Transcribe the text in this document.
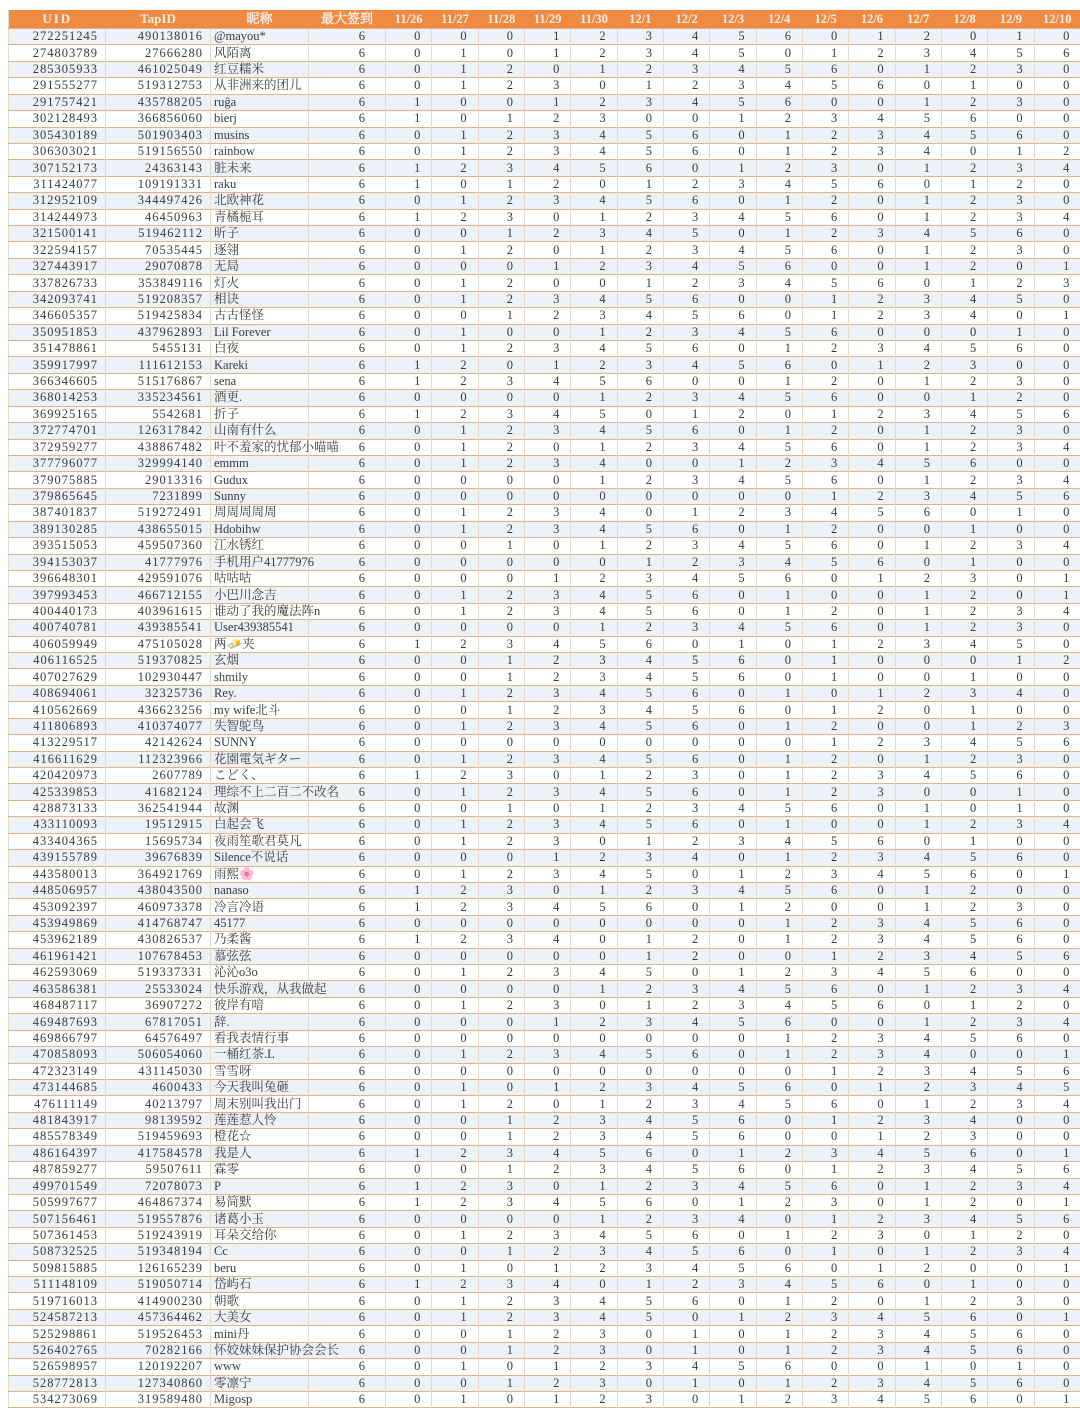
UID	TapID	昵称	最大签到	11/26	11/27	11/28	11/29	11/30	12/1	12/2	12/3	12/4	12/5	12/6	12/7	12/8	12/9	12/10
272251245	490138016	@mayou*	6	0	0	0	1	2	3	4	5	6	0	1	2	0	1	0
274803789	27666280	风陌离	6	0	1	0	1	2	3	4	5	0	1	2	3	4	5	6
285305933	461025049	红豆糯米	6	0	1	2	0	1	2	3	4	5	6	0	1	2	3	0
291555277	519312753	从非洲来的团儿	6	0	1	2	3	0	1	2	3	4	5	6	0	1	0	0
291757421	435788205	ruĝa	6	1	0	0	1	2	3	4	5	6	0	0	1	2	3	0
302128493	366856060	bierj	6	1	0	1	2	3	0	0	1	2	3	4	5	6	0	0
305430189	501903403	musins	6	0	1	2	3	4	5	6	0	1	2	3	4	5	6	0
306303021	519156550	rainbow	6	0	1	2	3	4	5	6	0	1	2	3	4	0	1	2
307152173	24363143	脏未来	6	1	2	3	4	5	6	0	1	2	3	0	1	2	3	4
311424077	109191331	raku	6	1	0	1	2	0	1	2	3	4	5	6	0	1	2	0
312952109	344497426	北欧神花	6	0	1	2	3	4	5	6	0	1	2	0	1	2	3	0
314244973	46450963	青橘栀耳	6	1	2	3	0	1	2	3	4	5	6	0	1	2	3	4
321500141	519462112	昕子	6	0	0	1	2	3	4	5	0	1	2	3	4	5	6	0
322594157	70535445	逐翎	6	0	1	2	0	1	2	3	4	5	6	0	1	2	3	0
327443917	29070878	无局	6	0	0	0	1	2	3	4	5	6	0	0	1	2	0	1
337826733	353849116	灯火	6	0	1	2	0	0	1	2	3	4	5	6	0	1	2	3
342093741	519208357	相诀	6	0	1	2	3	4	5	6	0	0	1	2	3	4	5	0
346605357	519425834	古古怪怪	6	0	0	1	2	3	4	5	6	0	1	2	3	4	0	1
350951853	437962893	Lil Forever	6	0	1	0	0	1	2	3	4	5	6	0	0	0	1	0
351478861	5455131	白夜	6	0	1	2	3	4	5	6	0	1	2	3	4	5	6	0
359917997	111612153	Kareki	6	1	2	0	1	2	3	4	5	6	0	1	2	3	0	0
366346605	515176867	sena	6	1	2	3	4	5	6	0	0	1	2	0	1	2	3	0
368014253	335234561	酒更.	6	0	0	0	0	1	2	3	4	5	6	0	0	1	2	0
369925165	5542681	折子	6	1	2	3	4	5	0	1	2	0	1	2	3	4	5	6
372774701	126317842	山南有什么	6	0	1	2	3	4	5	6	0	1	2	0	1	2	3	0
372959277	438867482	叶不羞家的忧郁小喵喵	6	0	1	2	0	1	2	3	4	5	6	0	1	2	3	4
377796077	329994140	emmm	6	0	1	2	3	4	0	0	1	2	3	4	5	6	0	0
379075885	29013316	Gudux	6	0	0	0	0	1	2	3	4	5	6	0	1	2	3	4
379865645	7231899	Sunny	6	0	0	0	0	0	0	0	0	0	1	2	3	4	5	6
387401837	519272491	周周周周周	6	0	1	2	3	4	0	1	2	3	4	5	6	0	1	0
389130285	438655015	Hdobihw	6	0	1	2	3	4	5	6	0	1	2	0	0	1	0	0
393515053	459507360	江水锈红	6	0	0	1	0	1	2	3	4	5	6	0	1	2	3	4
394153037	41777976	手机用户41777976	6	0	0	0	0	0	1	2	3	4	5	6	0	1	0	0
396648301	429591076	咕咕咕	6	0	0	0	1	2	3	4	5	6	0	1	2	3	0	1
397993453	466712155	小巴川念吉	6	0	1	2	3	4	5	6	0	1	0	0	1	2	0	1
400440173	403961615	谁动了我的魔法阵n	6	0	1	2	3	4	5	6	0	1	2	0	1	2	3	4
400740781	439385541	User439385541	6	0	0	0	0	1	2	3	4	5	6	0	1	2	3	0
406059949	475105028	两🧈夹	6	1	2	3	4	5	6	0	1	0	1	2	3	4	5	0
406116525	519370825	玄烟	6	0	0	1	2	3	4	5	6	0	1	0	0	0	1	2
407027629	102930447	shmily	6	0	0	1	2	3	4	5	6	0	1	0	0	1	0	0
408694061	32325736	Rey.	6	0	1	2	3	4	5	6	0	1	0	1	2	3	4	0
410562669	436623256	my wife北斗	6	0	0	1	2	3	4	5	6	0	1	2	0	1	0	0
411806893	410374077	失智鸵鸟	6	0	1	2	3	4	5	6	0	1	2	0	0	1	2	3
413229517	42142624	SUNNY	6	0	0	0	0	0	0	0	0	0	1	2	3	4	5	6
416611629	112323966	花園電気ギター	6	0	1	2	3	4	5	6	0	1	2	0	1	2	3	0
420420973	2607789	こどく、	6	1	2	3	0	1	2	3	0	1	2	3	4	5	6	0
425339853	41682124	理综不上二百二不改名	6	0	1	2	3	4	5	6	0	1	2	3	0	0	1	0
428873133	362541944	故渊	6	0	0	1	0	1	2	3	4	5	6	0	1	0	1	0
433110093	19512915	白起会飞	6	0	1	2	3	4	5	6	0	1	0	0	1	2	3	4
433404365	15695734	夜雨笙歌君莫凡	6	0	1	2	3	0	1	2	3	4	5	6	0	1	0	0
439155789	39676839	Silence不说话	6	0	0	0	1	2	3	4	0	1	2	3	4	5	6	0
443580013	364921769	雨熙🌸	6	0	1	2	3	4	5	0	1	2	3	4	5	6	0	1
448506957	438043500	nanaso	6	1	2	3	0	1	2	3	4	5	6	0	1	2	0	0
453092397	460973378	冷言冷语	6	1	2	3	4	5	6	0	1	2	0	0	1	2	3	0
453949869	414768747	45177	6	0	0	0	0	0	0	0	0	1	2	3	4	5	6	0
453962189	430826537	乃柔酱	6	1	2	3	4	0	1	2	0	1	2	3	4	5	6	0
461961421	107678453	慕弦弦	6	0	0	0	0	0	1	2	0	0	1	2	3	4	5	6
462593069	519337331	沁沁o3o	6	0	1	2	3	4	5	0	1	2	3	4	5	6	0	0
463586381	25533024	快乐游戏，从我做起	6	0	0	0	0	1	2	3	4	5	6	0	1	2	3	4
468487117	36907272	彼岸有喑	6	0	1	2	3	0	1	2	3	4	5	6	0	1	2	0
469487693	67817051	辞.	6	0	0	0	1	2	3	4	5	6	0	0	1	2	3	4
469866797	64576497	看我表情行事	6	0	0	0	0	0	0	0	0	1	2	3	4	5	6	0
470858093	506054060	一桶红茶.L	6	0	1	2	3	4	5	6	0	1	2	3	4	0	0	1
472323149	431145030	雪雪呀	6	0	0	0	0	0	0	0	0	0	1	2	3	4	5	6
473144685	4600433	今天我叫兔砸	6	0	1	0	1	2	3	4	5	6	0	1	2	3	4	5
476111149	40213797	周末别叫我出门	6	0	1	2	0	1	2	3	4	5	6	0	1	2	3	4
481843917	98139592	莲莲惹人怜	6	0	0	1	2	3	4	5	6	0	1	2	3	4	0	0
485578349	519459693	橙花☆	6	0	0	1	2	3	4	5	6	0	0	1	2	3	0	0
486164397	417584578	我是人	6	1	2	3	4	5	6	0	1	2	3	4	5	6	0	1
487859277	59507611	霖零	6	0	0	1	2	3	4	5	6	0	1	2	3	4	5	6
499701549	72078073	P	6	1	2	3	0	1	2	3	4	5	6	0	1	2	3	4
505997677	464867374	易简默	6	1	2	3	4	5	6	0	1	2	3	0	1	2	0	1
507156461	519557876	诸葛小玉	6	0	0	0	0	1	2	3	4	0	1	2	3	4	5	6
507361453	519243919	耳朵交给你	6	0	1	2	3	4	5	6	0	1	2	3	0	1	2	0
508732525	519348194	Cc	6	0	0	1	2	3	4	5	6	0	1	0	1	2	3	4
509815885	126165239	beru	6	0	1	0	1	2	3	4	5	6	0	1	2	0	0	1
511148109	519050714	岱屿石	6	1	2	3	4	0	1	2	3	4	5	6	0	1	0	0
519716013	414900230	朝歌	6	0	1	2	3	4	5	6	0	1	2	0	1	2	3	0
524587213	457364462	大美女	6	0	1	2	3	4	5	0	1	2	3	4	5	6	0	1
525298861	519526453	mini丹	6	0	0	1	2	3	0	1	0	1	2	3	4	5	6	0
526402765	70282166	怀姣妹妹保护协会会长	6	0	0	1	2	3	0	1	0	1	2	3	4	5	6	0
526598957	120192207	www	6	0	1	0	1	2	3	4	5	6	0	0	1	0	1	0
528772813	127340860	零凛宁	6	0	0	1	2	3	0	1	0	1	2	3	4	5	6	0
534273069	319589480	Migosp	6	0	1	0	1	2	3	0	1	2	3	4	5	6	0	1
